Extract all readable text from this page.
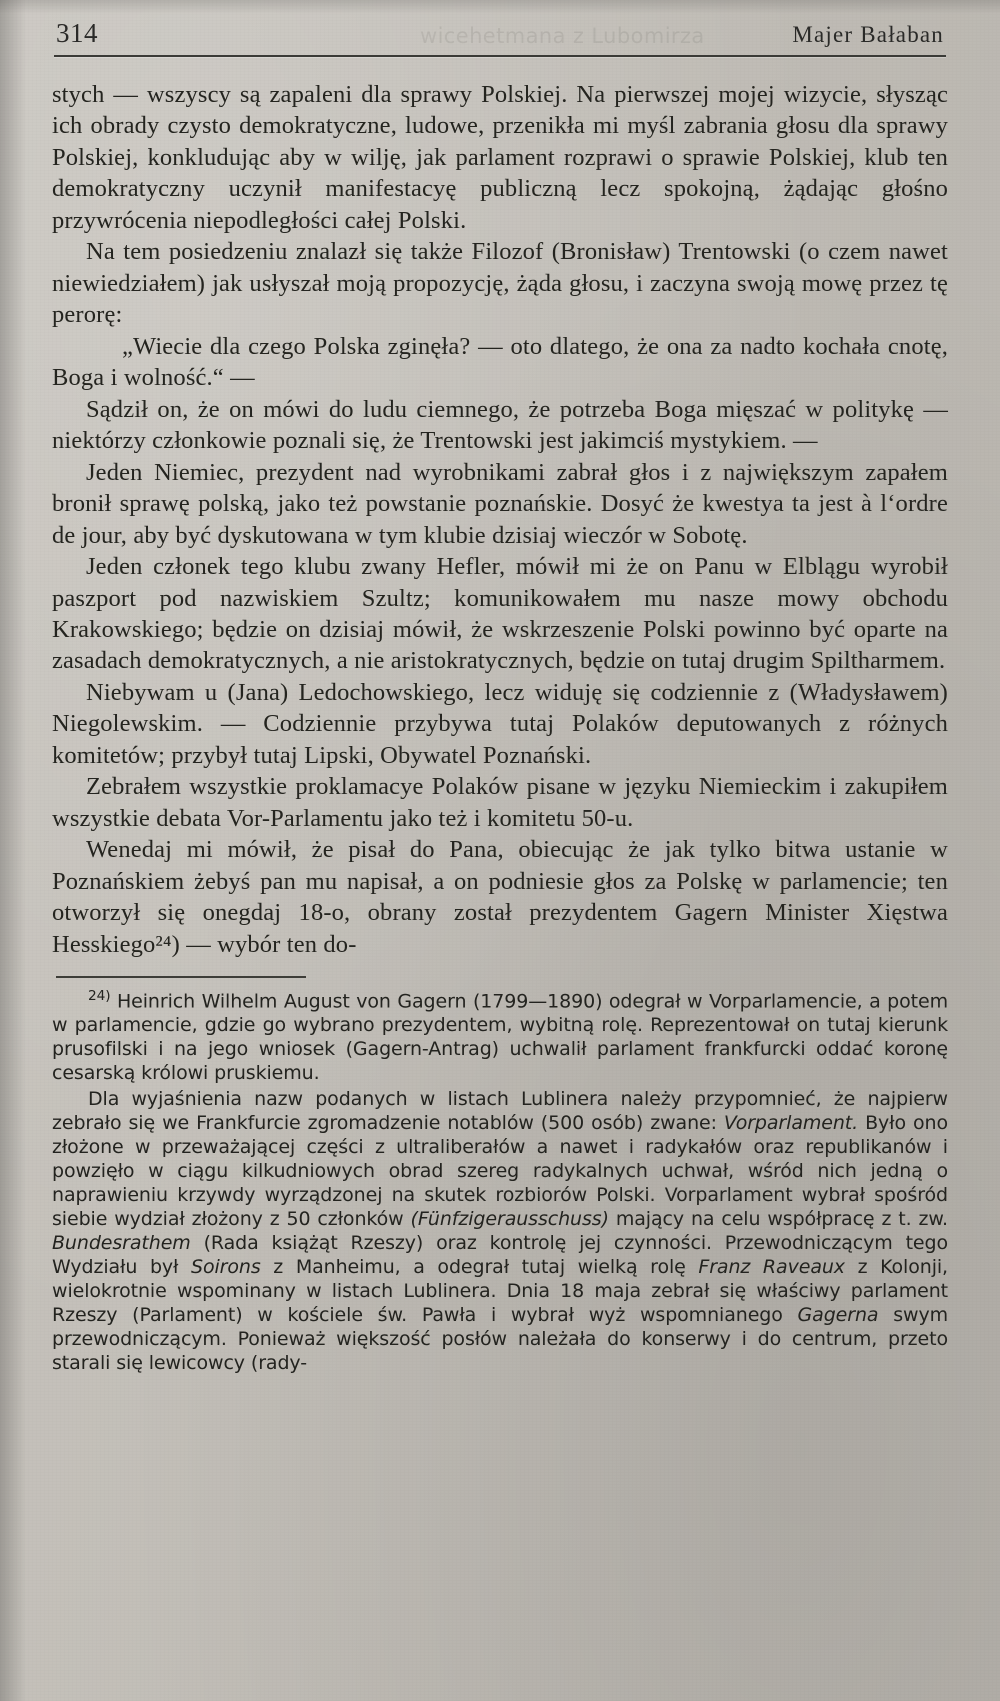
wicehetmana z Lubomirza
314	Majer Bałaban

stych — wszyscy są zapaleni dla sprawy Polskiej. Na pierwszej mojej wizycie, słysząc ich obrady czysto demokratyczne, ludowe, przenikła mi myśl zabrania głosu dla sprawy Polskiej, konkludując aby w wilję, jak parlament rozprawi o sprawie Polskiej, klub ten demokratyczny uczynił manifestacyę publiczną lecz spokojną, żądając głośno przywrócenia niepodległości całej Polski.

Na tem posiedzeniu znalazł się także Filozof (Bronisław) Trentowski (o czem nawet niewiedziałem) jak usłyszał moją propozycję, żąda głosu, i zaczyna swoją mowę przez tę perorę:

„Wiecie dla czego Polska zginęła? — oto dlatego, że ona za nadto kochała cnotę, Boga i wolność.“ —

Sądził on, że on mówi do ludu ciemnego, że potrzeba Boga mięszać w politykę — niektórzy członkowie poznali się, że Trentowski jest jakimciś mystykiem. —

Jeden Niemiec, prezydent nad wyrobnikami zabrał głos i z największym zapałem bronił sprawę polską, jako też powstanie poznańskie. Dosyć że kwestya ta jest à l‘ordre de jour, aby być dyskutowana w tym klubie dzisiaj wieczór w Sobotę.

Jeden członek tego klubu zwany Hefler, mówił mi że on Panu w Elblągu wyrobił paszport pod nazwiskiem Szultz; komunikowałem mu nasze mowy obchodu Krakowskiego; będzie on dzisiaj mówił, że wskrzeszenie Polski powinno być oparte na zasadach demokratycznych, a nie aristokratycznych, będzie on tutaj drugim Spiltharmem.

Niebywam u (Jana) Ledochowskiego, lecz widuję się codziennie z (Władysławem) Niegolewskim. — Codziennie przybywa tutaj Polaków deputowanych z różnych komitetów; przybył tutaj Lipski, Obywatel Poznański.

Zebrałem wszystkie proklamacye Polaków pisane w języku Niemieckim i zakupiłem wszystkie debata Vor-Parlamentu jako też i komitetu 50-u.

Wenedaj mi mówił, że pisał do Pana, obiecując że jak tylko bitwa ustanie w Poznańskiem żebyś pan mu napisał, a on podniesie głos za Polskę w parlamencie; ten otworzył się onegdaj 18-o, obrany został prezydentem Gagern Minister Xięstwa Hesskiego²⁴) — wybór ten do-

$^{24)}$ Heinrich Wilhelm August von Gagern (1799—1890) odegrał w Vorparlamencie, a potem w parlamencie, gdzie go wybrano prezydentem, wybitną rolę. Reprezentował on tutaj kierunk prusofilski i na jego wniosek (Gagern-Antrag) uchwalił parlament frankfurcki oddać koronę cesarską królowi pruskiemu.

Dla wyjaśnienia nazw podanych w listach Lublinera należy przypomnieć, że najpierw zebrało się we Frankfurcie zgromadzenie notablów (500 osób) zwane: Vorparlament. Było ono złożone w przeważającej części z ultraliberałów a nawet i radykałów oraz republikanów i powzięło w ciągu kilkudniowych obrad szereg radykalnych uchwał, wśród nich jedną o naprawieniu krzywdy wyrządzonej na skutek rozbiorów Polski. Vorparlament wybrał spośród siebie wydział złożony z 50 członków (Fünfzigerausschuss) mający na celu współpracę z t. zw. Bundesrathem (Rada książąt Rzeszy) oraz kontrolę jej czynności. Przewodniczącym tego Wydziału był Soirons z Manheimu, a odegrał tutaj wielką rolę Franz Raveaux z Kolonji, wielokrotnie wspominany w listach Lublinera. Dnia 18 maja zebrał się właściwy parlament Rzeszy (Parlament) w kościele św. Pawła i wybrał wyż wspomnianego Gagerna swym przewodniczącym. Ponieważ większość posłów należała do konserwy i do centrum, przeto starali się lewicowcy (rady-
